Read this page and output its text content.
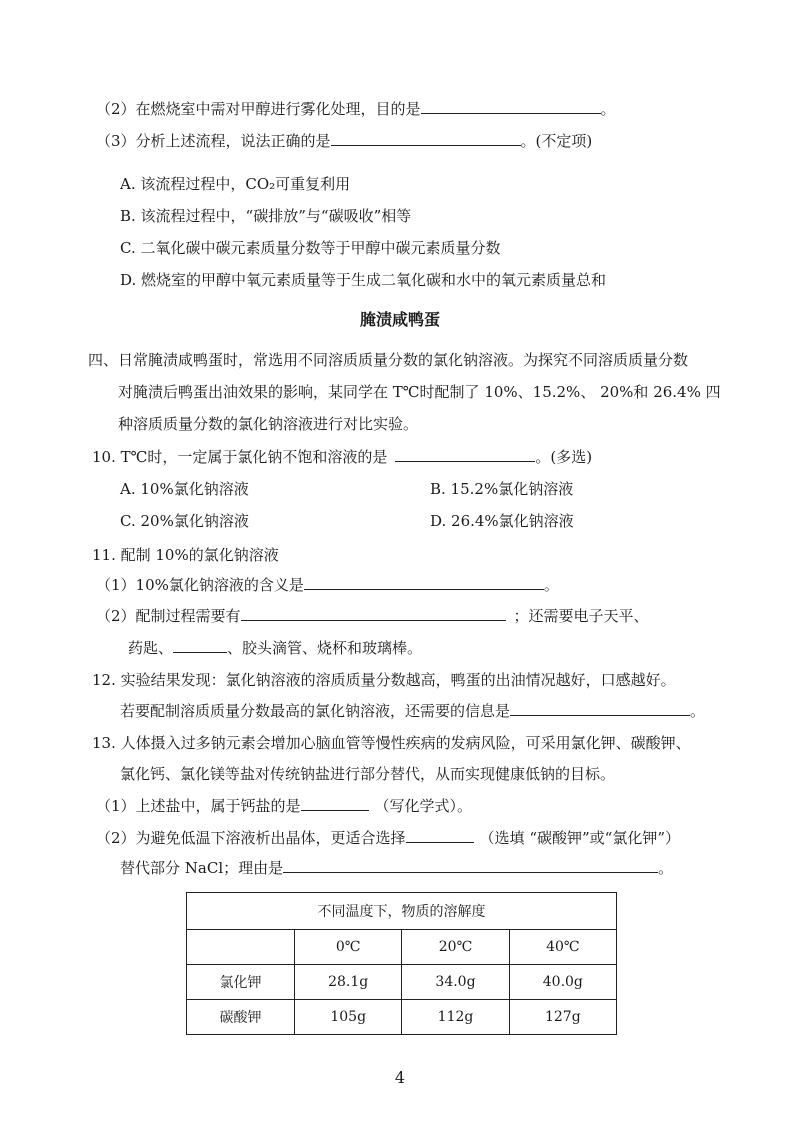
（2）在燃烧室中需对甲醇进行雾化处理，目的是	。
（3）分析上述流程，说法正确的是	。(不定项)
A. 该流程过程中，CO₂可重复利用
B. 该流程过程中，“碳排放”与“碳吸收”相等
C. 二氧化碳中碳元素质量分数等于甲醇中碳元素质量分数
D. 燃烧室的甲醇中氧元素质量等于生成二氧化碳和水中的氧元素质量总和
腌渍咸鸭蛋
四、日常腌渍咸鸭蛋时，常选用不同溶质质量分数的氯化钠溶液。为探究不同溶质质量分数
对腌渍后鸭蛋出油效果的影响，某同学在 T℃时配制了 10%、15.2%、 20%和 26.4% 四
种溶质质量分数的氯化钠溶液进行对比实验。
10. T℃时，一定属于氯化钠不饱和溶液的是	。(多选)
A. 10%氯化钠溶液	B. 15.2%氯化钠溶液
C. 20%氯化钠溶液	D. 26.4%氯化钠溶液
11. 配制 10%的氯化钠溶液
（1）10%氯化钠溶液的含义是	。
（2）配制过程需要有	；还需要电子天平、
药匙、	、胶头滴管、烧杯和玻璃棒。
12. 实验结果发现：氯化钠溶液的溶质质量分数越高，鸭蛋的出油情况越好，口感越好。
若要配制溶质质量分数最高的氯化钠溶液，还需要的信息是	。
13. 人体摄入过多钠元素会增加心脑血管等慢性疾病的发病风险，可采用氯化钾、碳酸钾、
氯化钙、氯化镁等盐对传统钠盐进行部分替代，从而实现健康低钠的目标。
（1）上述盐中，属于钙盐的是	（写化学式）。
（2）为避免低温下溶液析出晶体，更适合选择	（选填 “碳酸钾”或“氯化钾”）
替代部分 NaCl；理由是	。
不同温度下，物质的溶解度			
	0℃	20℃	40℃
氯化钾	28.1g	34.0g	40.0g
碳酸钾	105g	112g	127g
4
